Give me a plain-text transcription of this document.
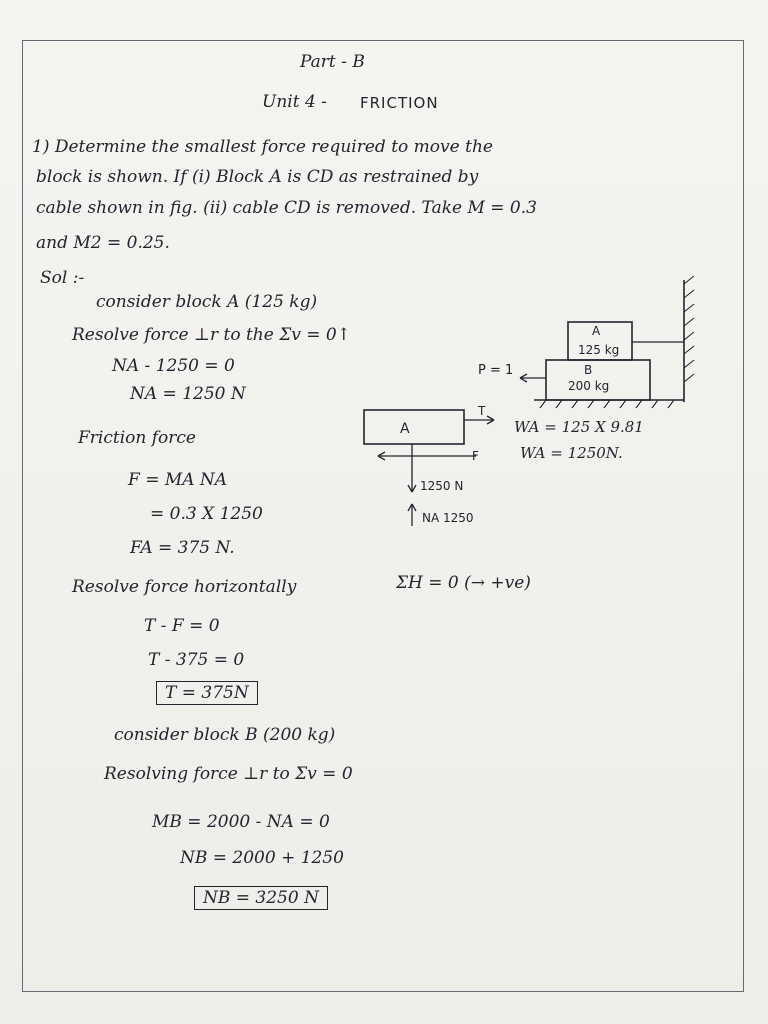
Part - B
Unit 4 - FRICTION
1) Determine the smallest force required to move the
block is shown. If (i) Block A is CD as restrained by
cable shown in fig. (ii) cable CD is removed. Take M = 0.3
and M2 = 0.25.
Sol :-
consider block A (125 kg)
Resolve force ⊥r to the Σv = 0↑
NA - 1250 = 0
NA = 1250 N
Friction force
F = MA NA
= 0.3 X 1250
FA = 375 N.
Resolve force horizontally	ΣH = 0 (→ +ve)
T - F = 0
T - 375 = 0
T = 375N
consider block B (200 kg)
Resolving force ⊥r to Σv = 0
MB = 2000 - NA = 0
NB = 2000 + 1250
NB = 3250 N
A
125 kg
B
200 kg
P = 1
A
T
F
1250 N
NA 1250
WA = 125 X 9.81
WA = 1250N.
